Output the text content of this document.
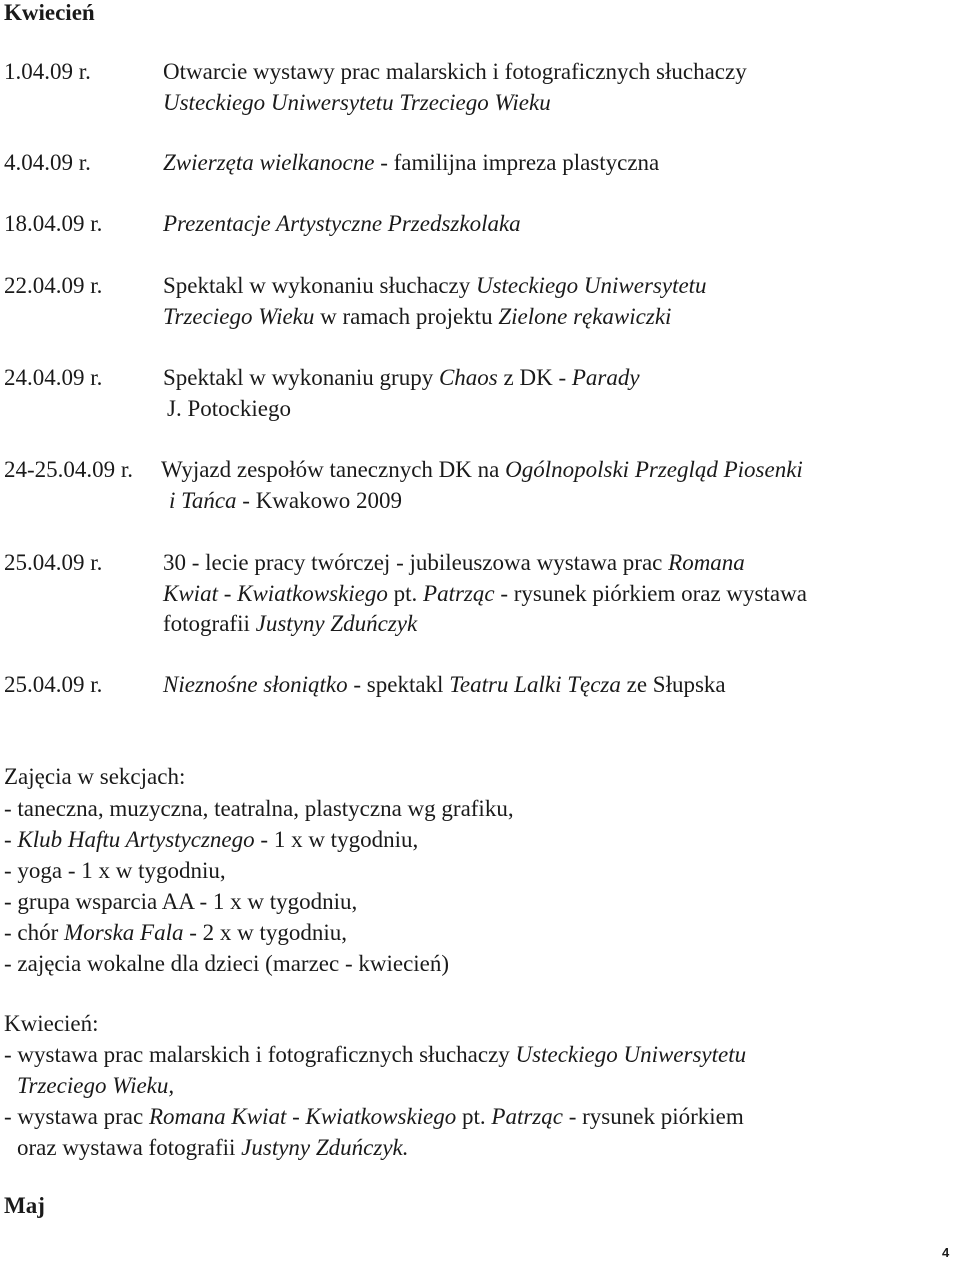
Kwiecień
1.04.09 r.	Otwarcie wystawy prac malarskich i fotograficznych słuchaczy
Usteckiego Uniwersytetu Trzeciego Wieku
4.04.09 r.	Zwierzęta wielkanocne - familijna impreza plastyczna
18.04.09 r.	Prezentacje Artystyczne Przedszkolaka
22.04.09 r.	Spektakl w wykonaniu słuchaczy Usteckiego Uniwersytetu
Trzeciego Wieku w ramach projektu Zielone rękawiczki
24.04.09 r.	Spektakl w wykonaniu grupy Chaos z DK - Parady
J. Potockiego
24-25.04.09 r. Wyjazd zespołów tanecznych DK na Ogólnopolski Przegląd Piosenki
i Tańca - Kwakowo 2009
25.04.09 r.	30 - lecie pracy twórczej - jubileuszowa wystawa prac Romana
Kwiat - Kwiatkowskiego pt. Patrząc - rysunek piórkiem oraz wystawa
fotografii Justyny Zduńczyk
25.04.09 r.	Nieznośne słoniątko - spektakl Teatru Lalki Tęcza ze Słupska
Zajęcia w sekcjach:
- taneczna, muzyczna, teatralna, plastyczna wg grafiku,
- Klub Haftu Artystycznego - 1 x w tygodniu,
- yoga - 1 x w tygodniu,
- grupa wsparcia AA - 1 x w tygodniu,
- chór Morska Fala - 2 x w tygodniu,
- zajęcia wokalne dla dzieci (marzec - kwiecień)
Kwiecień:
- wystawa prac malarskich i fotograficznych słuchaczy Usteckiego Uniwersytetu
Trzeciego Wieku,
- wystawa prac Romana Kwiat - Kwiatkowskiego pt. Patrząc - rysunek piórkiem
oraz wystawa fotografii Justyny Zduńczyk.
Maj
4
